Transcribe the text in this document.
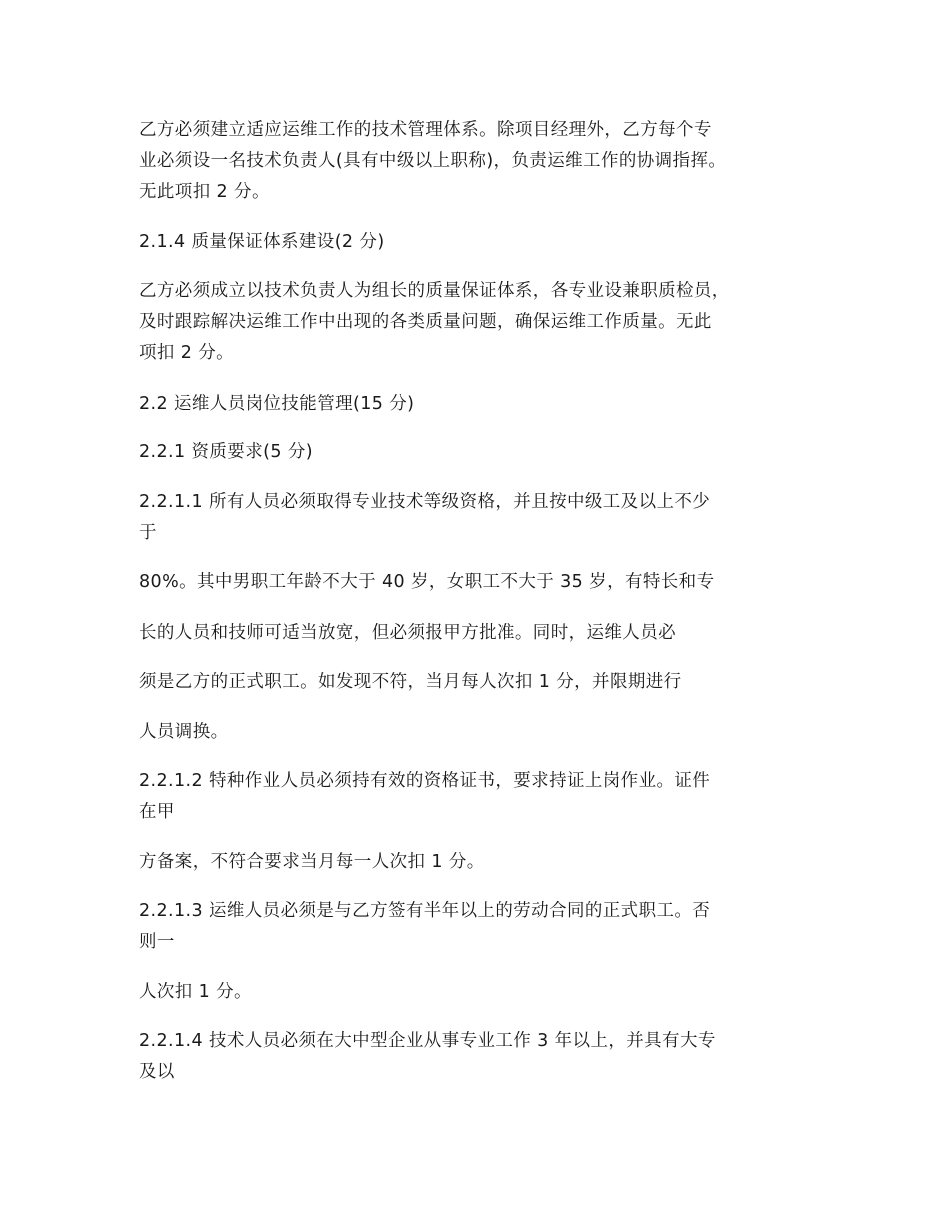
乙方必须建立适应运维工作的技术管理体系。除项目经理外，乙方每个专
业必须设一名技术负责人(具有中级以上职称)，负责运维工作的协调指挥。
无此项扣 2 分。

2.1.4 质量保证体系建设(2 分)

乙方必须成立以技术负责人为组长的质量保证体系，各专业设兼职质检员，
及时跟踪解决运维工作中出现的各类质量问题，确保运维工作质量。无此
项扣 2 分。

2.2 运维人员岗位技能管理(15 分)

2.2.1 资质要求(5 分)

2.2.1.1 所有人员必须取得专业技术等级资格，并且按中级工及以上不少
于

80%。其中男职工年龄不大于 40 岁，女职工不大于 35 岁，有特长和专

长的人员和技师可适当放宽，但必须报甲方批准。同时，运维人员必

须是乙方的正式职工。如发现不符，当月每人次扣 1 分，并限期进行

人员调换。

2.2.1.2 特种作业人员必须持有效的资格证书，要求持证上岗作业。证件
在甲

方备案，不符合要求当月每一人次扣 1 分。

2.2.1.3 运维人员必须是与乙方签有半年以上的劳动合同的正式职工。否
则一

人次扣 1 分。

2.2.1.4 技术人员必须在大中型企业从事专业工作 3 年以上，并具有大专
及以
